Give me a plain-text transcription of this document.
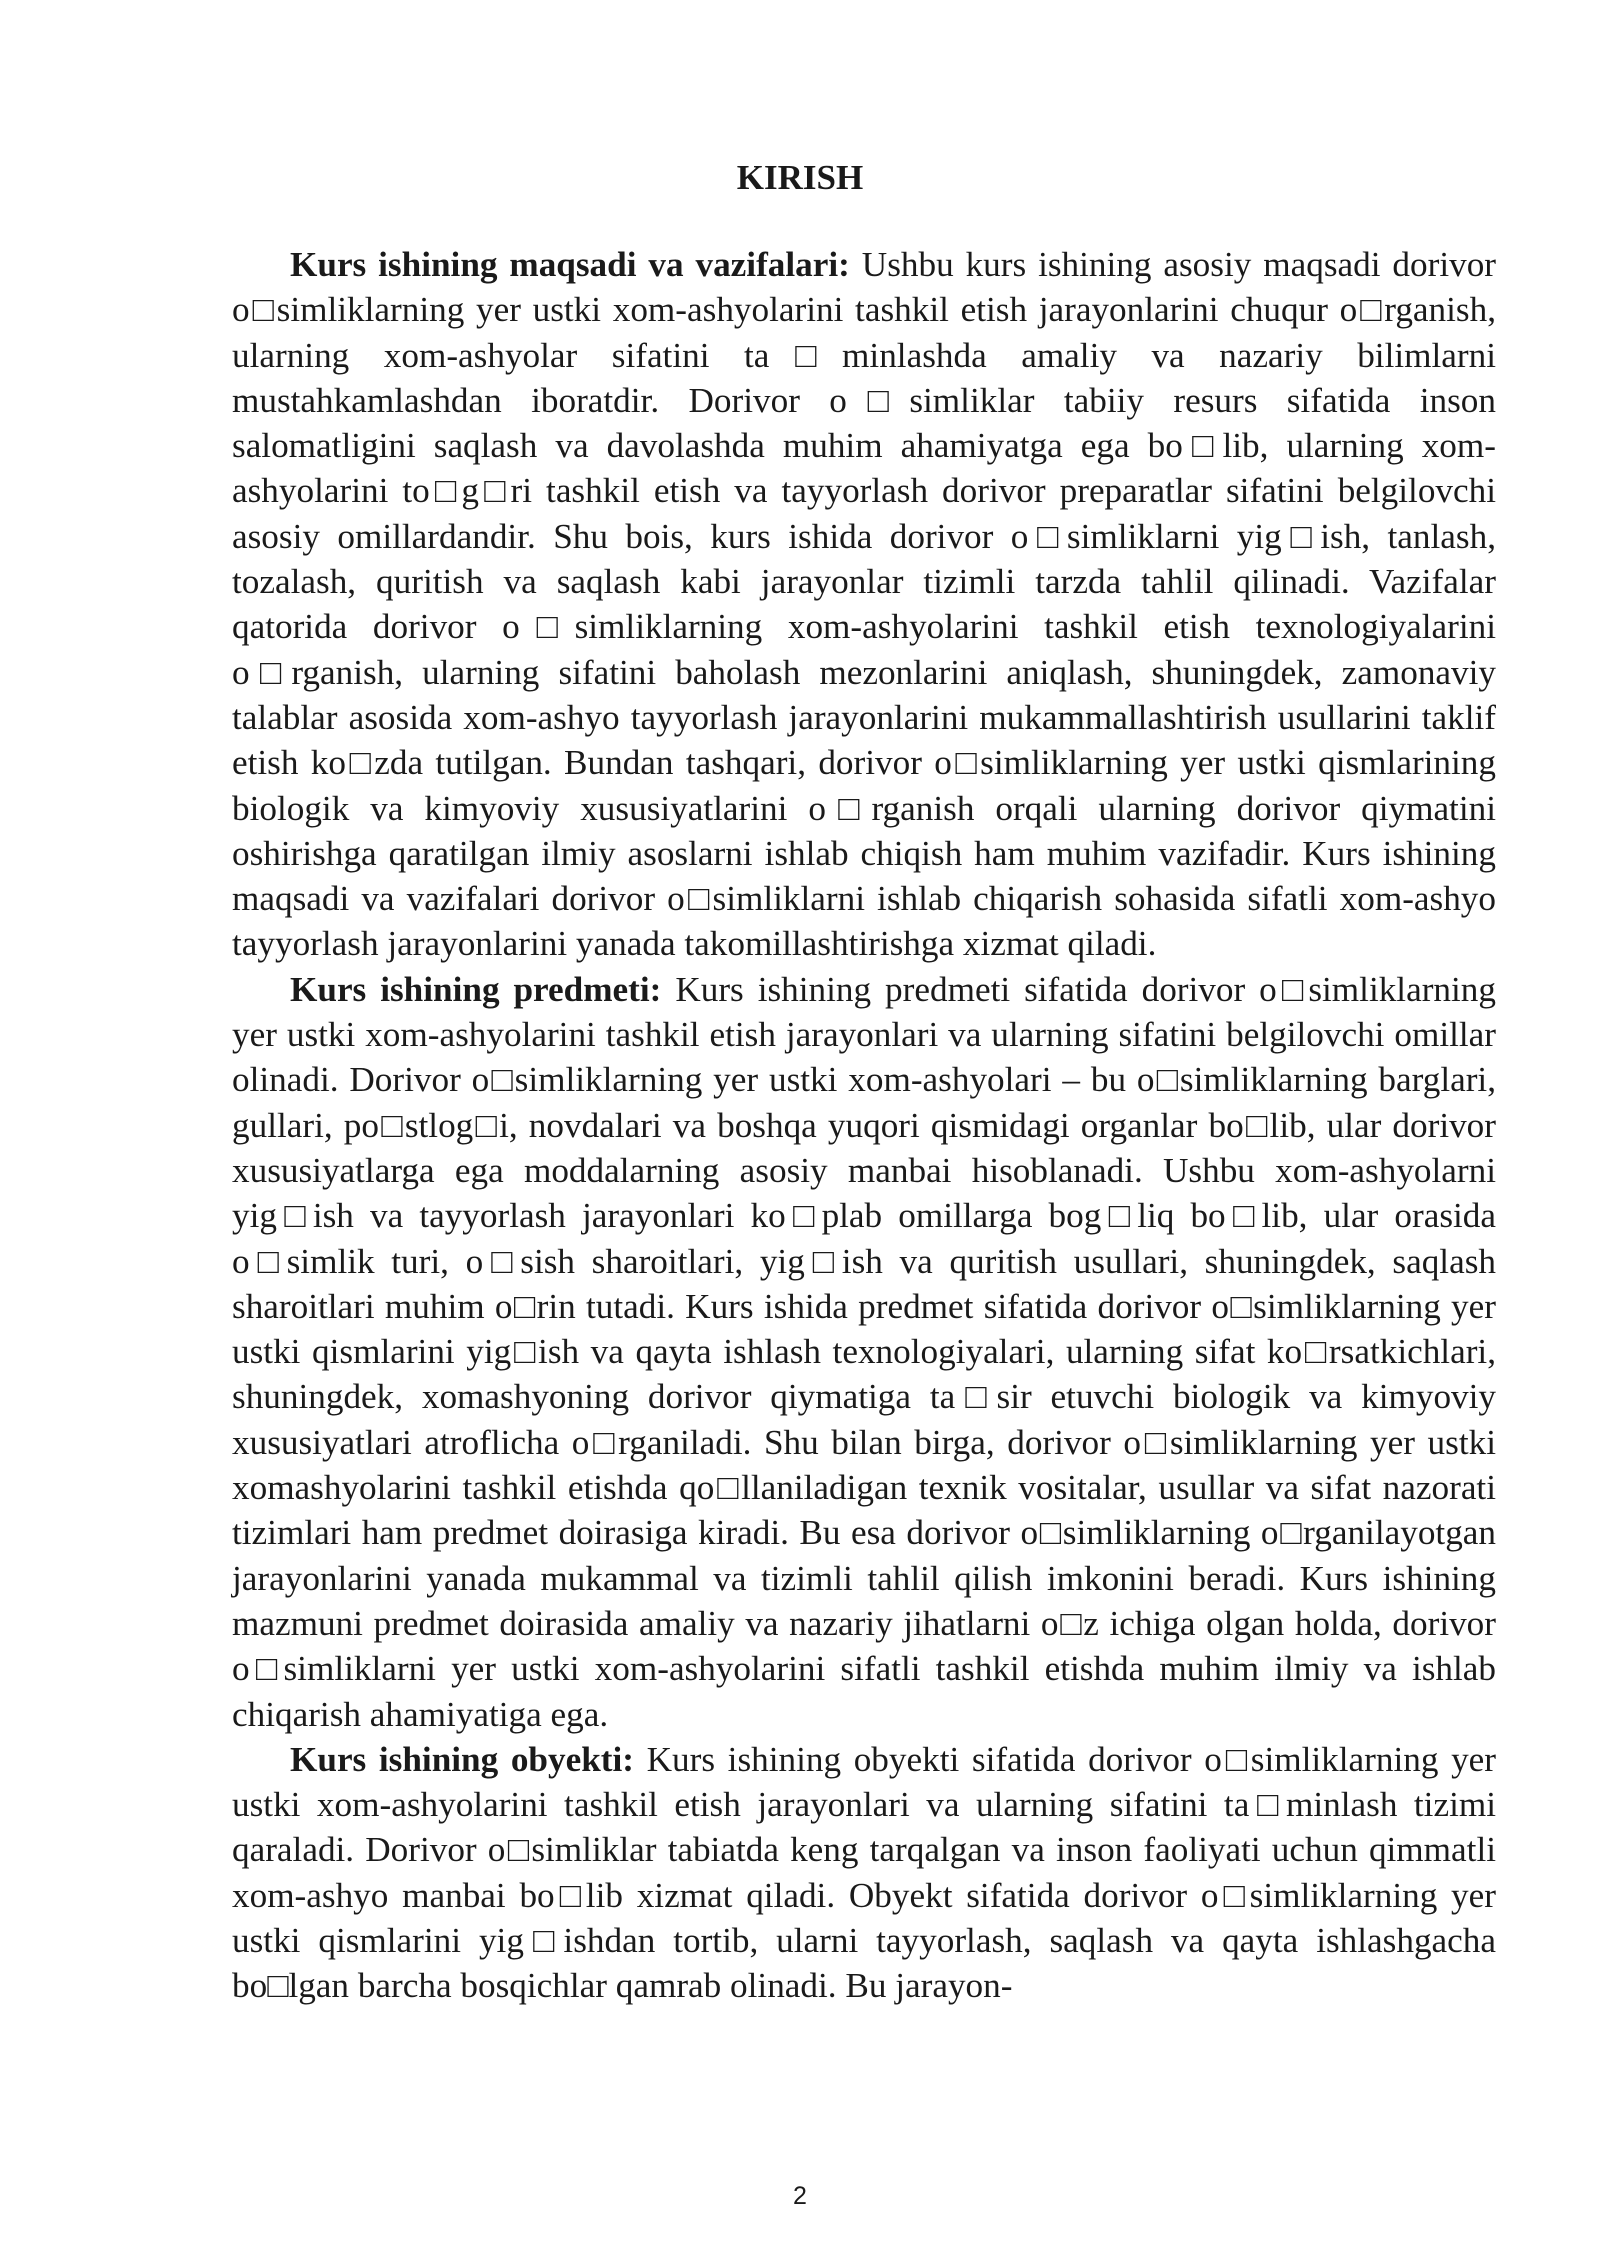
KIRISH

Kurs ishining maqsadi va vazifalari: Ushbu kurs ishining asosiy maqsadi dorivor o□simliklarning yer ustki xom-ashyolarini tashkil etish jarayonlarini chuqur o□rganish, ularning xom-ashyolar sifatini ta□minlashda amaliy va nazariy bilimlarni mustahkamlashdan iboratdir. Dorivor o□simliklar tabiiy resurs sifatida inson salomatligini saqlash va davolashda muhim ahamiyatga ega bo□lib, ularning xom-ashyolarini to□g□ri tashkil etish va tayyorlash dorivor preparatlar sifatini belgilovchi asosiy omillardandir. Shu bois, kurs ishida dorivor o□simliklarni yig□ish, tanlash, tozalash, quritish va saqlash kabi jarayonlar tizimli tarzda tahlil qilinadi. Vazifalar qatorida dorivor o□simliklarning xom-ashyolarini tashkil etish texnologiyalarini o□rganish, ularning sifatini baholash mezonlarini aniqlash, shuningdek, zamonaviy talablar asosida xom-ashyo tayyorlash jarayonlarini mukammallashtirish usullarini taklif etish ko□zda tutilgan. Bundan tashqari, dorivor o□simliklarning yer ustki qismlarining biologik va kimyoviy xususiyatlarini o□rganish orqali ularning dorivor qiymatini oshirishga qaratilgan ilmiy asoslarni ishlab chiqish ham muhim vazifadir. Kurs ishining maqsadi va vazifalari dorivor o□simliklarni ishlab chiqarish sohasida sifatli xom-ashyo tayyorlash jarayonlarini yanada takomillashtirishga xizmat qiladi.

Kurs ishining predmeti: Kurs ishining predmeti sifatida dorivor o□simliklarning yer ustki xom-ashyolarini tashkil etish jarayonlari va ularning sifatini belgilovchi omillar olinadi. Dorivor o□simliklarning yer ustki xom-ashyolari – bu o□simliklarning barglari, gullari, po□stlog□i, novdalari va boshqa yuqori qismidagi organlar bo□lib, ular dorivor xususiyatlarga ega moddalarning asosiy manbai hisoblanadi. Ushbu xom-ashyolarni yig□ish va tayyorlash jarayonlari ko□plab omillarga bog□liq bo□lib, ular orasida o□simlik turi, o□sish sharoitlari, yig□ish va quritish usullari, shuningdek, saqlash sharoitlari muhim o□rin tutadi. Kurs ishida predmet sifatida dorivor o□simliklarning yer ustki qismlarini yig□ish va qayta ishlash texnologiyalari, ularning sifat ko□rsatkichlari, shuningdek, xomashyoning dorivor qiymatiga ta□sir etuvchi biologik va kimyoviy xususiyatlari atroflicha o□rganiladi. Shu bilan birga, dorivor o□simliklarning yer ustki xomashyolarini tashkil etishda qo□llaniladigan texnik vositalar, usullar va sifat nazorati tizimlari ham predmet doirasiga kiradi. Bu esa dorivor o□simliklarning o□rganilayotgan jarayonlarini yanada mukammal va tizimli tahlil qilish imkonini beradi. Kurs ishining mazmuni predmet doirasida amaliy va nazariy jihatlarni o□z ichiga olgan holda, dorivor o□simliklarni yer ustki xom-ashyolarini sifatli tashkil etishda muhim ilmiy va ishlab chiqarish ahamiyatiga ega.

Kurs ishining obyekti: Kurs ishining obyekti sifatida dorivor o□simliklarning yer ustki xom-ashyolarini tashkil etish jarayonlari va ularning sifatini ta□minlash tizimi qaraladi. Dorivor o□simliklar tabiatda keng tarqalgan va inson faoliyati uchun qimmatli xom-ashyo manbai bo□lib xizmat qiladi. Obyekt sifatida dorivor o□simliklarning yer ustki qismlarini yig□ishdan tortib, ularni tayyorlash, saqlash va qayta ishlashgacha bo□lgan barcha bosqichlar qamrab olinadi. Bu jarayon-

2
